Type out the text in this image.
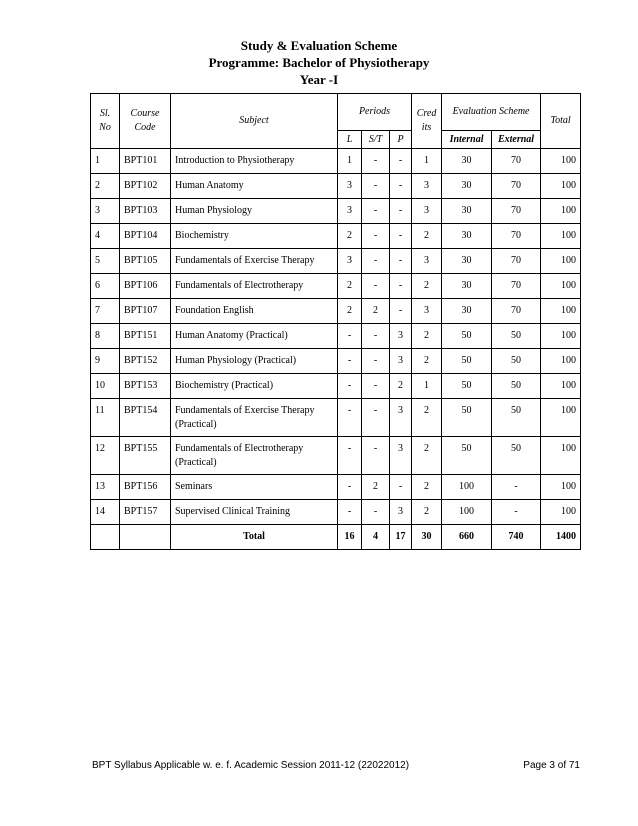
Study & Evaluation Scheme
Programme: Bachelor of Physiotherapy
Year -I
Sl. No	Course Code	Subject	Periods			Cred its	Evaluation Scheme		Total
			L	S/T	P		Internal	External	
1	BPT101	Introduction to Physiotherapy	1	-	-	1	30	70	100
2	BPT102	Human Anatomy	3	-	-	3	30	70	100
3	BPT103	Human Physiology	3	-	-	3	30	70	100
4	BPT104	Biochemistry	2	-	-	2	30	70	100
5	BPT105	Fundamentals of Exercise Therapy	3	-	-	3	30	70	100
6	BPT106	Fundamentals of Electrotherapy	2	-	-	2	30	70	100
7	BPT107	Foundation English	2	2	-	3	30	70	100
8	BPT151	Human Anatomy (Practical)	-	-	3	2	50	50	100
9	BPT152	Human Physiology (Practical)	-	-	3	2	50	50	100
10	BPT153	Biochemistry (Practical)	-	-	2	1	50	50	100
11	BPT154	Fundamentals of Exercise Therapy (Practical)	-	-	3	2	50	50	100
12	BPT155	Fundamentals of Electrotherapy (Practical)	-	-	3	2	50	50	100
13	BPT156	Seminars	-	2	-	2	100	-	100
14	BPT157	Supervised Clinical Training	-	-	3	2	100	-	100
		Total	16	4	17	30	660	740	1400
BPT Syllabus Applicable w. e. f. Academic Session 2011-12 (22022012)	Page 3 of 71
